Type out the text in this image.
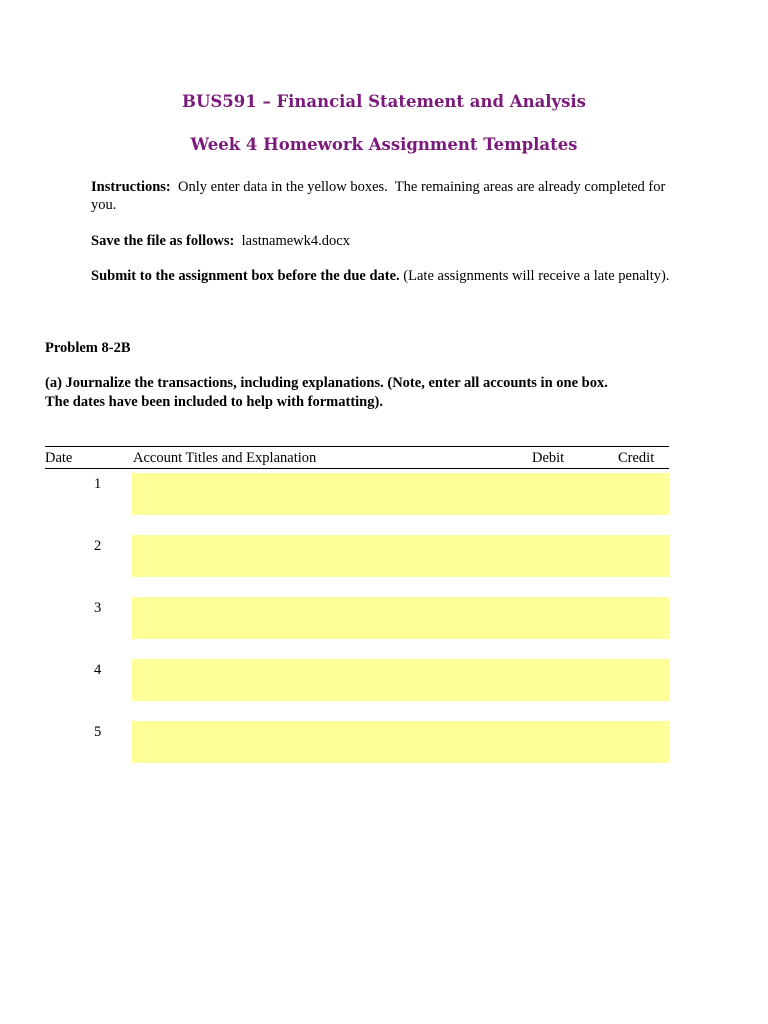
BUS591 – Financial Statement and Analysis
Week 4 Homework Assignment Templates
Instructions:  Only enter data in the yellow boxes.  The remaining areas are already completed for you.
Save the file as follows:  lastnamewk4.docx
Submit to the assignment box before the due date. (Late assignments will receive a late penalty).
Problem 8-2B
(a) Journalize the transactions, including explanations. (Note, enter all accounts in one box. The dates have been included to help with formatting).
Date	Account Titles and Explanation	Debit	Credit
1
2
3
4
5
